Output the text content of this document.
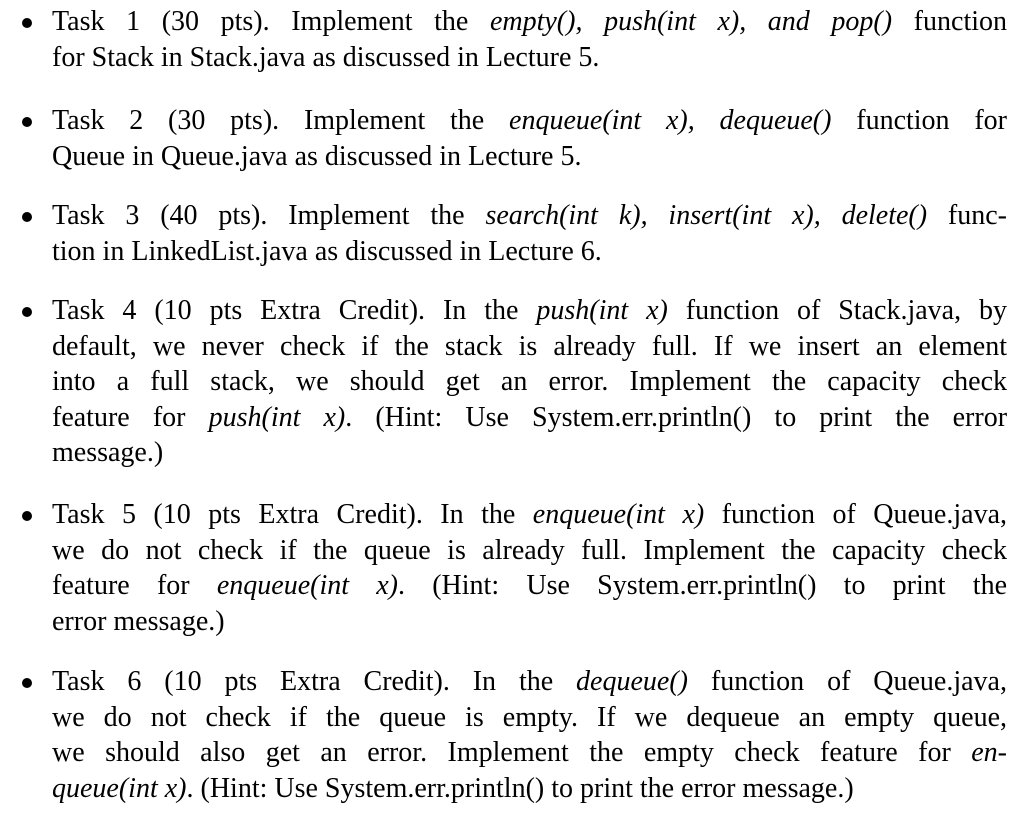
Task 1 (30 pts). Implement the empty(), push(int x), and pop() function
for Stack in Stack.java as discussed in Lecture 5.
Task 2 (30 pts). Implement the enqueue(int x), dequeue() function for
Queue in Queue.java as discussed in Lecture 5.
Task 3 (40 pts). Implement the search(int k), insert(int x), delete() func-
tion in LinkedList.java as discussed in Lecture 6.
Task 4 (10 pts Extra Credit). In the push(int x) function of Stack.java, by
default, we never check if the stack is already full. If we insert an element
into a full stack, we should get an error. Implement the capacity check
feature for push(int x). (Hint: Use System.err.println() to print the error
message.)
Task 5 (10 pts Extra Credit). In the enqueue(int x) function of Queue.java,
we do not check if the queue is already full. Implement the capacity check
feature for enqueue(int x). (Hint: Use System.err.println() to print the
error message.)
Task 6 (10 pts Extra Credit). In the dequeue() function of Queue.java,
we do not check if the queue is empty. If we dequeue an empty queue,
we should also get an error. Implement the empty check feature for en-
queue(int x). (Hint: Use System.err.println() to print the error message.)
